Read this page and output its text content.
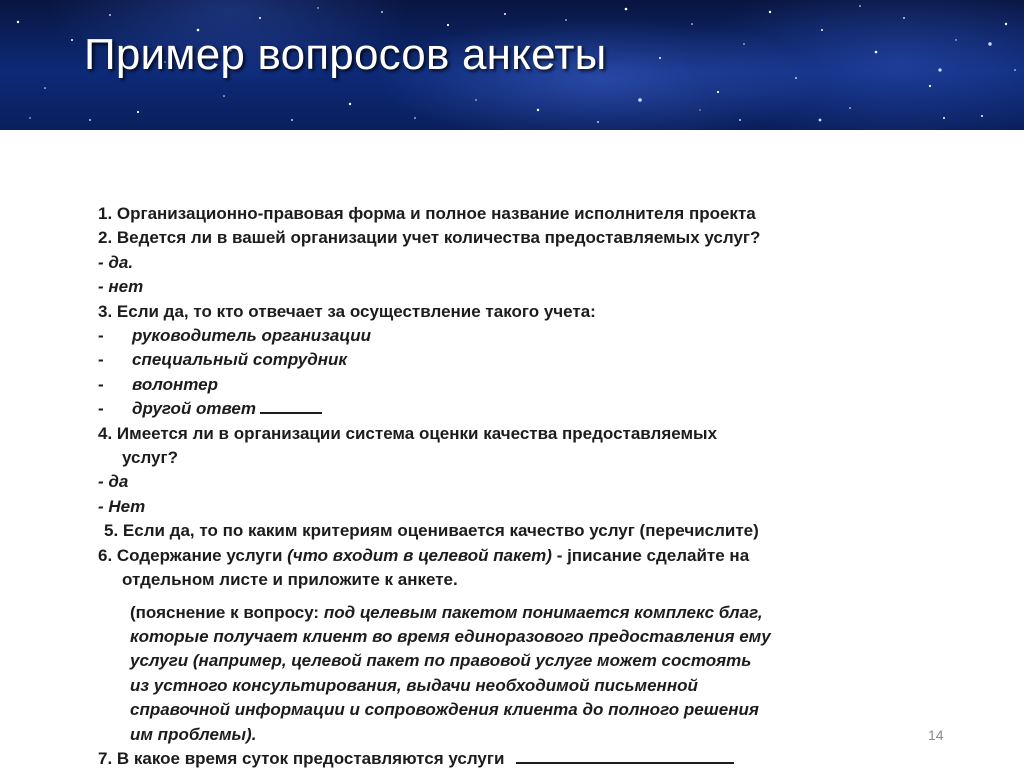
Пример вопросов анкеты
1. Организационно-правовая форма и полное название исполнителя проекта
2. Ведется ли в вашей организации учет количества предоставляемых услуг?
- да.
- нет
3. Если да, то кто отвечает за осуществление такого учета:
-	руководитель организации
-	специальный сотрудник
-	волонтер
-	другой ответ
4. Имеется ли в организации система оценки качества предоставляемых
услуг?
- да
- Нет
5. Если да, то по каким критериям оценивается качество услуг (перечислите)
6. Содержание услуги (что входит в целевой пакет) - jписание сделайте на
отдельном листе и приложите к анкете.
(пояснение к вопросу: под целевым пакетом понимается комплекс благ,
которые получает клиент во время единоразового предоставления ему
услуги (например, целевой пакет по правовой услуге может состоять
из устного консультирования, выдачи необходимой письменной
справочной информации и сопровождения клиента до полного решения
им проблемы).
7. В какое время суток предоставляются услуги
14
